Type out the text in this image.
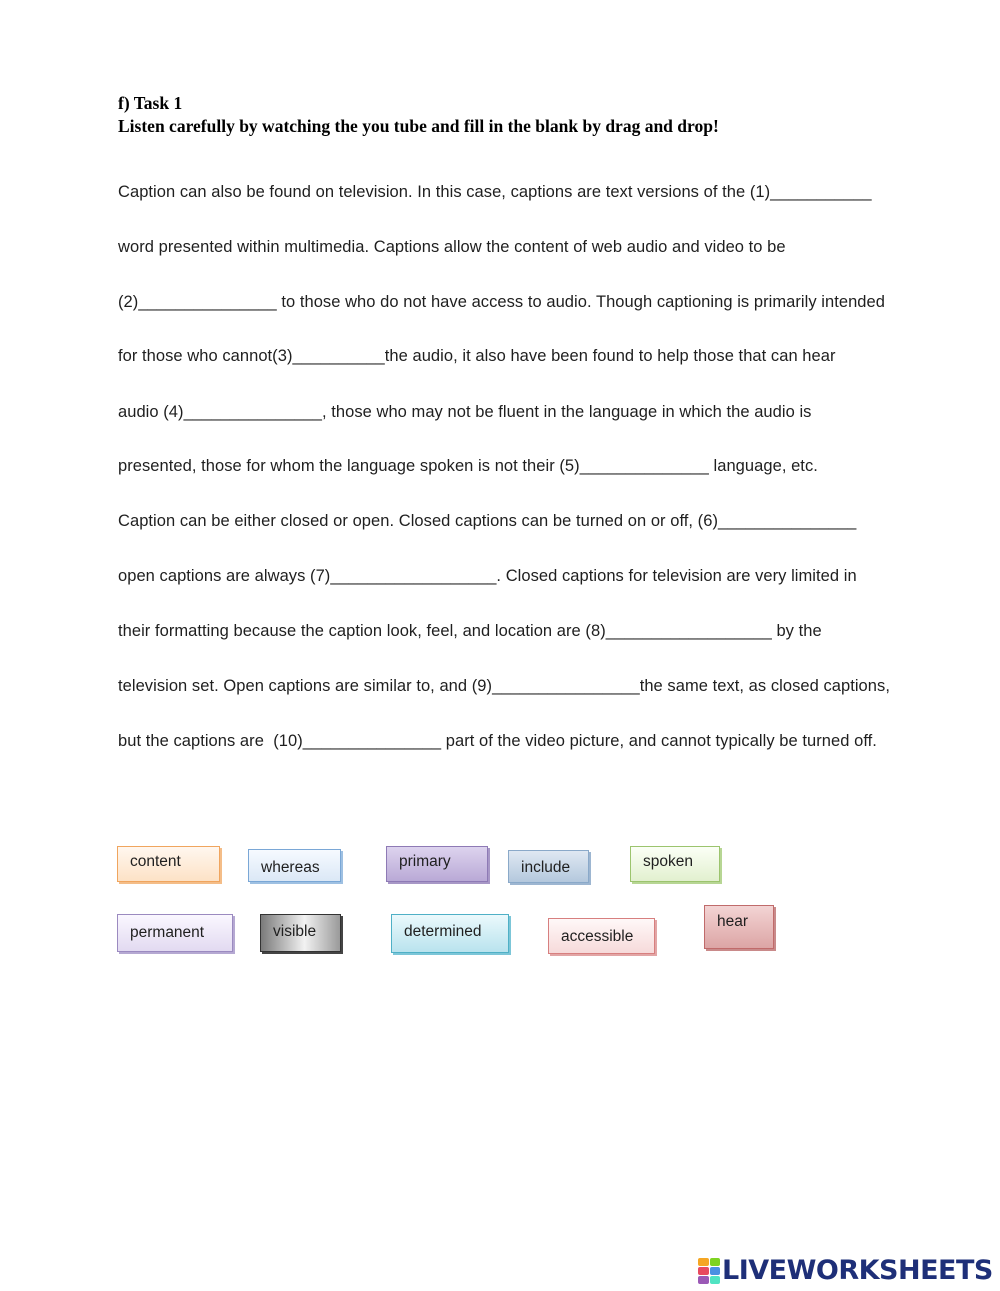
f) Task 1
Listen carefully by watching the you tube and fill in the blank by drag and drop!
Caption can also be found on television. In this case, captions are text versions of the (1)___________
word presented within multimedia. Captions allow the content of web audio and video to be
(2)_______________ to those who do not have access to audio. Though captioning is primarily intended
for those who cannot(3)__________the audio, it also have been found to help those that can hear
audio (4)_______________, those who may not be fluent in the language in which the audio is
presented, those for whom the language spoken is not their (5)______________ language, etc.
Caption can be either closed or open. Closed captions can be turned on or off, (6)_______________
open captions are always (7)__________________. Closed captions for television are very limited in
their formatting because the caption look, feel, and location are (8)__________________ by the
television set. Open captions are similar to, and (9)________________the same text, as closed captions,
but the captions are  (10)_______________ part of the video picture, and cannot typically be turned off.
content	whereas	primary	include	spoken
permanent	visible	determined	accessible
hear
LIVEWORKSHEETS
